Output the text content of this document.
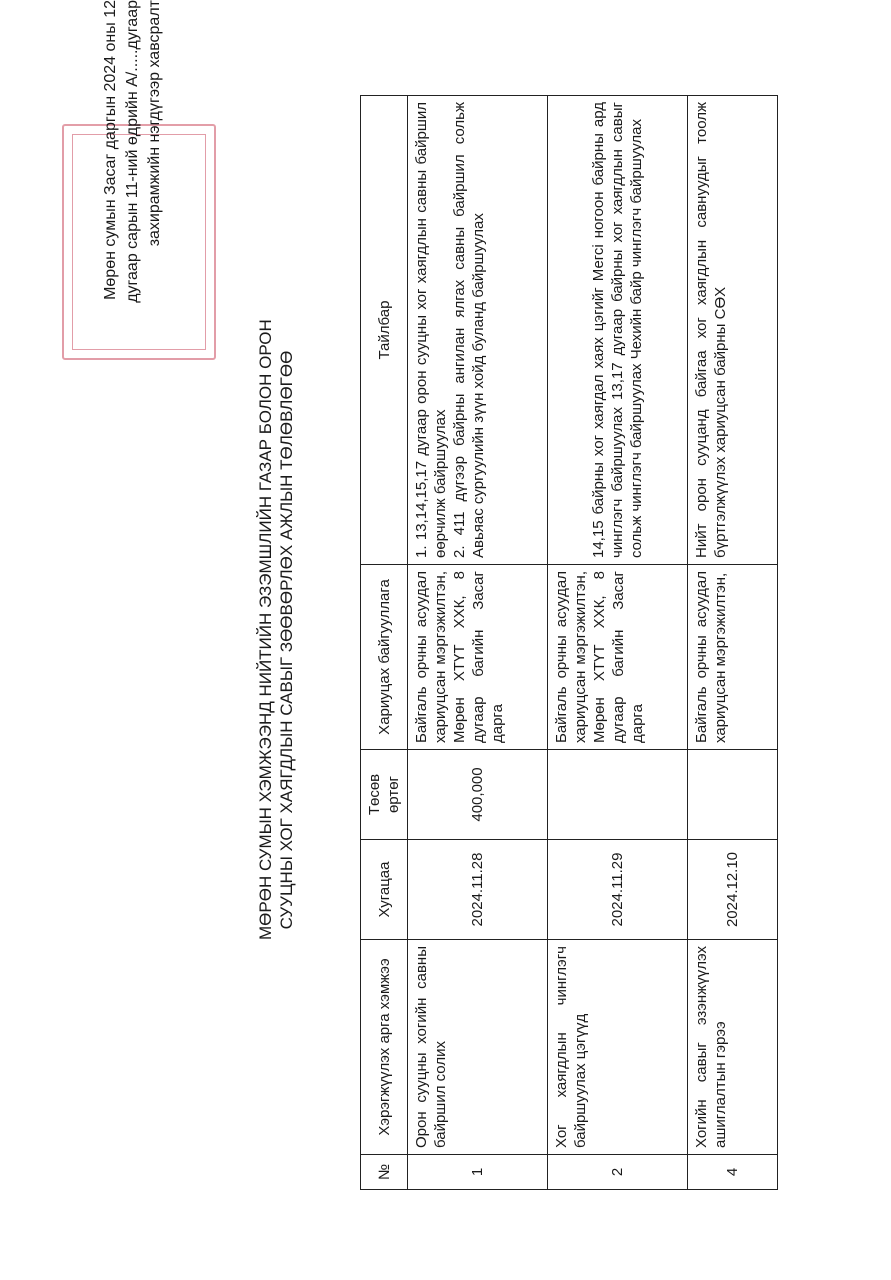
Мөрөн сумын Засаг даргын 2024 оны 12 дугаар сарын 11-ний өдрийн А/.....дугаар захирамжийн нэгдүгээр хавсралт
МӨРӨН СУМЫН ХЭМЖЭЭНД НИЙТИЙН ЭЗЭМШЛИЙН ГАЗАР БОЛОН ОРОН СУУЦНЫ ХОГ ХАЯГДЛЫН САВЫГ ЗӨӨВӨРЛӨХ АЖЛЫН ТӨЛӨВЛӨГӨӨ
№	Хэрэгжүүлэх арга хэмжээ	Хугацаа	Төсөв өртөг	Хариуцах байгууллага	Тайлбар
1	Орон сууцны хогийн савны байршил солих	2024.11.28	400,000	Байгаль орчны асуудал хариуцсан мэргэжилтэн, Мөрөн ХТҮТ ХХК, 8 дугаар багийн Засаг дарга	1. 13,14,15,17 дугаар орон сууцны хог хаягдлын савны байршил өөрчилж байршуулах 2. 411 дүгээр байрны ангилан ялгах савны байршил сольж Авьяас сургуулийн зүүн хойд буланд байршуулах

2	Хог хаягдлын чинглэгч байршуулах цэгүүд	2024.11.29		Байгаль орчны асуудал хариуцсан мэргэжилтэн, Мөрөн ХТҮТ ХХК, 8 дугаар багийн Засаг дарга	14,15 байрны хог хаягдал хаях цэгийг Мегсі ногоон байрны ард чинглэгч байршуулах 13,17 дугаар байрны хог хаягдлын савыг сольж чинглэгч байршуулах Чехийн байр чинглэгч байршуулах

4	Хогийн савыг эзэнжүүлэх ашиглалтын гэрээ	2024.12.10		Байгаль орчны асуудал хариуцсан мэргэжилтэн,	Нийт орон сууцанд байгаа хог хаягдлын савнуудыг тоолж бүртгэлжүүлэх хариуцсан байрны СӨХ
